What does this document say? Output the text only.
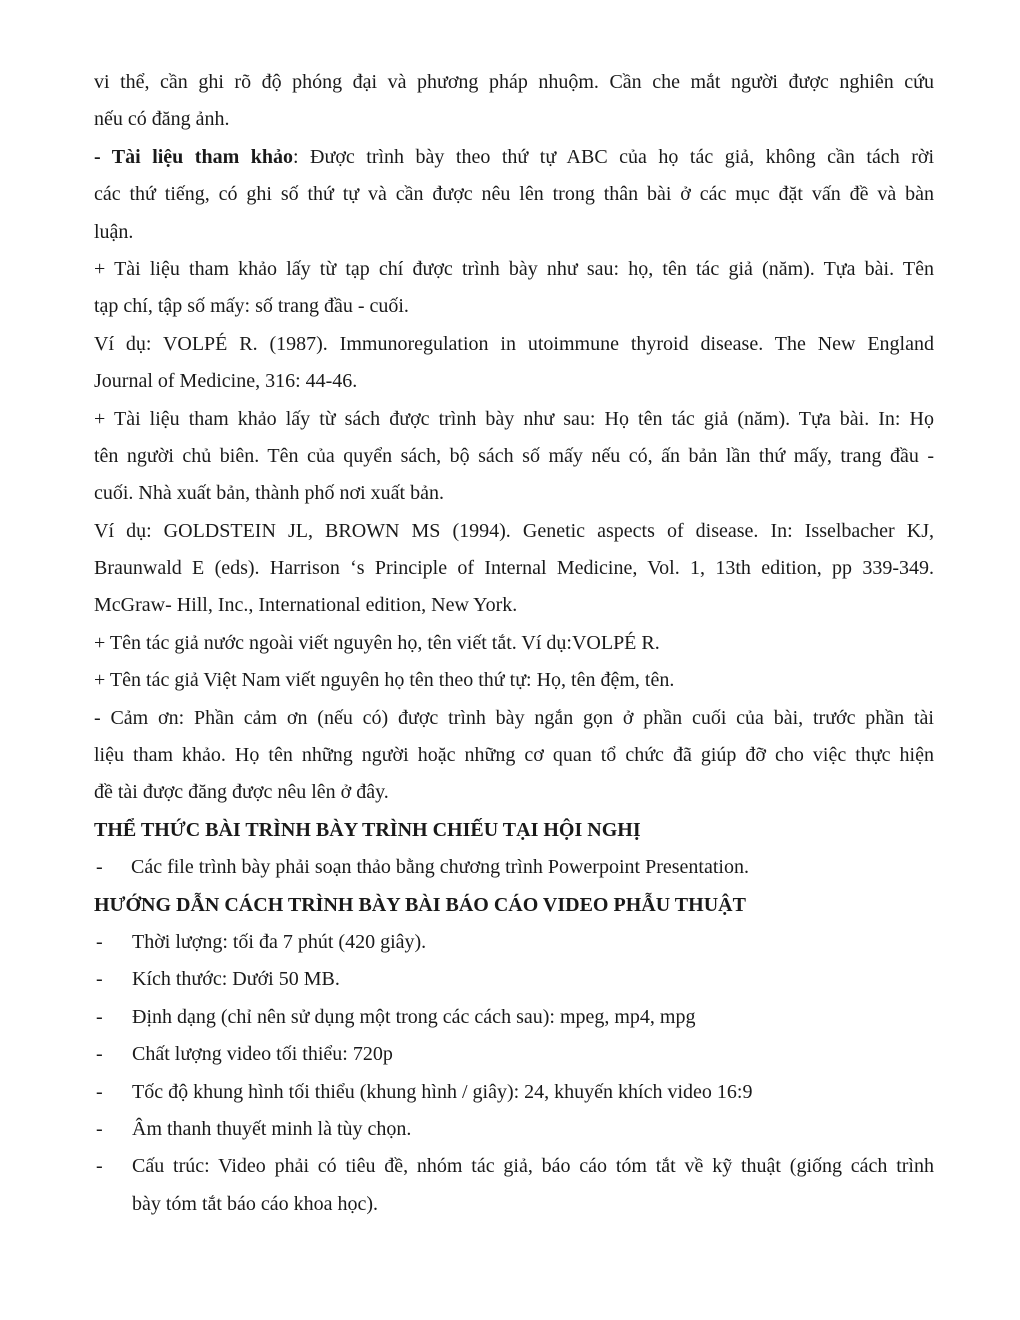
vi thể, cần ghi rõ độ phóng đại và phương pháp nhuộm. Cần che mắt người được nghiên cứu
nếu có đăng ảnh.
- Tài liệu tham khảo: Được trình bày theo thứ tự ABC của họ tác giả, không cần tách rời
các thứ tiếng, có ghi số thứ tự và cần được nêu lên trong thân bài ở các mục đặt vấn đề và bàn
luận.
+ Tài liệu tham khảo lấy từ tạp chí được trình bày như sau: họ, tên tác giả (năm). Tựa bài. Tên
tạp chí, tập số mấy: số trang đầu - cuối.
Ví dụ: VOLPÉ R. (1987). Immunoregulation in utoimmune thyroid disease. The New England
Journal of Medicine, 316: 44-46.
+ Tài liệu tham khảo lấy từ sách được trình bày như sau: Họ tên tác giả (năm). Tựa bài. In: Họ
tên người chủ biên. Tên của quyển sách, bộ sách số mấy nếu có, ấn bản lần thứ mấy, trang đầu -
cuối. Nhà xuất bản, thành phố nơi xuất bản.
Ví dụ: GOLDSTEIN JL, BROWN MS (1994). Genetic aspects of disease. In: Isselbacher KJ,
Braunwald E (eds). Harrison ‘s Principle of Internal Medicine, Vol. 1, 13th edition, pp 339-349.
McGraw- Hill, Inc., International edition, New York.
+ Tên tác giả nước ngoài viết nguyên họ, tên viết tắt. Ví dụ:VOLPÉ R.
+ Tên tác giả Việt Nam viết nguyên họ tên theo thứ tự: Họ, tên đệm, tên.
- Cảm ơn: Phần cảm ơn (nếu có) được trình bày ngắn gọn ở phần cuối của bài, trước phần tài
liệu tham khảo. Họ tên những người hoặc những cơ quan tổ chức đã giúp đỡ cho việc thực hiện
đề tài được đăng được nêu lên ở đây.
THỂ THỨC BÀI TRÌNH BÀY TRÌNH CHIẾU TẠI HỘI NGHỊ
- Các file trình bày phải soạn thảo bằng chương trình Powerpoint Presentation.
HƯỚNG DẪN CÁCH TRÌNH BÀY BÀI BÁO CÁO VIDEO PHẪU THUẬT
- Thời lượng: tối đa 7 phút (420 giây).
- Kích thước: Dưới 50 MB.
- Định dạng (chỉ nên sử dụng một trong các cách sau): mpeg, mp4, mpg
- Chất lượng video tối thiểu: 720p
- Tốc độ khung hình tối thiểu (khung hình / giây): 24, khuyến khích video 16:9
- Âm thanh thuyết minh là tùy chọn.
- Cấu trúc: Video phải có tiêu đề, nhóm tác giả, báo cáo tóm tắt về kỹ thuật (giống cách trình
bày tóm tắt báo cáo khoa học).
